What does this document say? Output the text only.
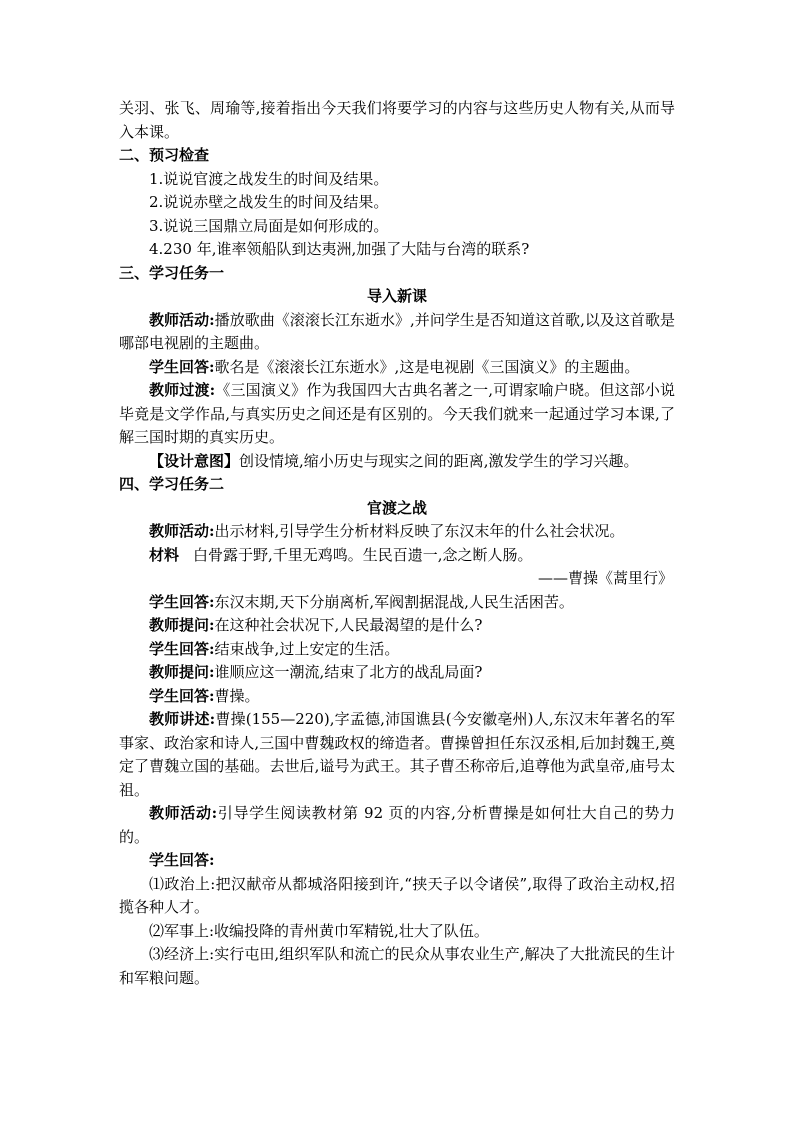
关羽、张飞、周瑜等,接着指出今天我们将要学习的内容与这些历史人物有关,从而导入本课。

二、预习检查

1.说说官渡之战发生的时间及结果。

2.说说赤壁之战发生的时间及结果。

3.说说三国鼎立局面是如何形成的。

4.230 年,谁率领船队到达夷洲,加强了大陆与台湾的联系?

三、学习任务一

导入新课

教师活动:播放歌曲《滚滚长江东逝水》,并问学生是否知道这首歌,以及这首歌是哪部电视剧的主题曲。

学生回答:歌名是《滚滚长江东逝水》,这是电视剧《三国演义》的主题曲。

教师过渡:《三国演义》作为我国四大古典名著之一,可谓家喻户晓。但这部小说毕竟是文学作品,与真实历史之间还是有区别的。今天我们就来一起通过学习本课,了解三国时期的真实历史。

【设计意图】创设情境,缩小历史与现实之间的距离,激发学生的学习兴趣。

四、学习任务二

官渡之战

教师活动:出示材料,引导学生分析材料反映了东汉末年的什么社会状况。

材料 白骨露于野,千里无鸡鸣。生民百遗一,念之断人肠。

——曹操《蒿里行》

学生回答:东汉末期,天下分崩离析,军阀割据混战,人民生活困苦。

教师提问:在这种社会状况下,人民最渴望的是什么?

学生回答:结束战争,过上安定的生活。

教师提问:谁顺应这一潮流,结束了北方的战乱局面?

学生回答:曹操。

教师讲述:曹操(155—220),字孟德,沛国谯县(今安徽亳州)人,东汉末年著名的军事家、政治家和诗人,三国中曹魏政权的缔造者。曹操曾担任东汉丞相,后加封魏王,奠定了曹魏立国的基础。去世后,谥号为武王。其子曹丕称帝后,追尊他为武皇帝,庙号太祖。

教师活动:引导学生阅读教材第 92 页的内容,分析曹操是如何壮大自己的势力的。

学生回答:

⑴政治上:把汉献帝从都城洛阳接到许,“挟天子以令诸侯”,取得了政治主动权,招揽各种人才。

⑵军事上:收编投降的青州黄巾军精锐,壮大了队伍。

⑶经济上:实行屯田,组织军队和流亡的民众从事农业生产,解决了大批流民的生计和军粮问题。
